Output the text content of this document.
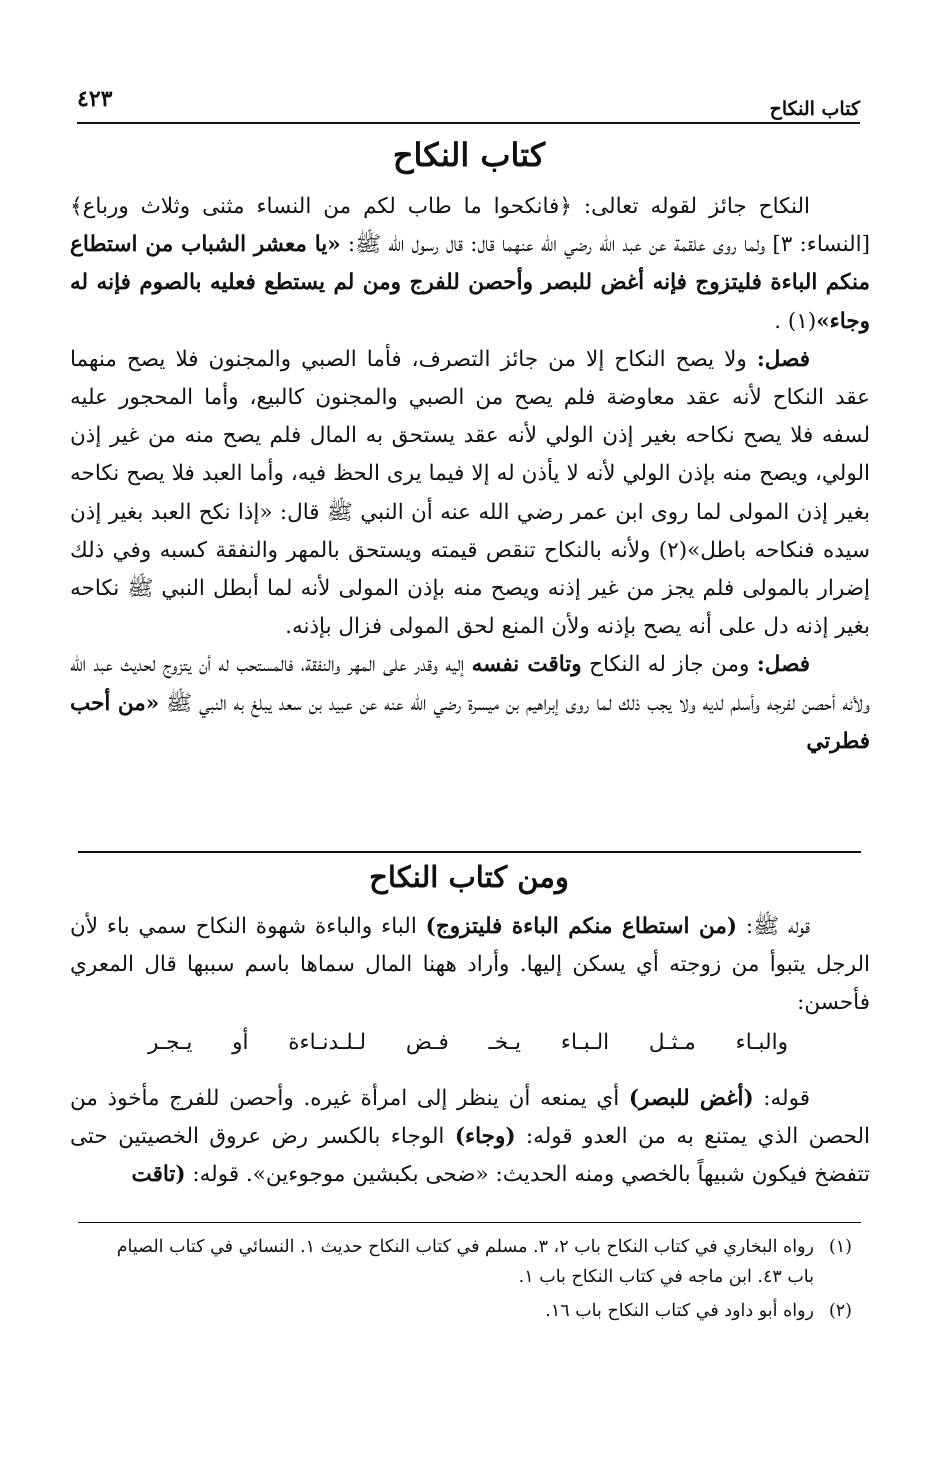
كتاب النكاح
٤٢٣
كتاب النكاح

النكاح جائز لقوله تعالى: ﴿فانكحوا ما طاب لكم من النساء مثنى وثلاث ورباع﴾ [النساء: ٣] ولما روى علقمة عن عبد الله رضي الله عنهما قال: قال رسول الله ﷺ: «يا معشر الشباب من استطاع منكم الباءة فليتزوج فإنه أغض للبصر وأحصن للفرج ومن لم يستطع فعليه بالصوم فإنه له وجاء»(١) .

فصل: ولا يصح النكاح إلا من جائز التصرف، فأما الصبي والمجنون فلا يصح منهما عقد النكاح لأنه عقد معاوضة فلم يصح من الصبي والمجنون كالبيع، وأما المحجور عليه لسفه فلا يصح نكاحه بغير إذن الولي لأنه عقد يستحق به المال فلم يصح منه من غير إذن الولي، ويصح منه بإذن الولي لأنه لا يأذن له إلا فيما يرى الحظ فيه، وأما العبد فلا يصح نكاحه بغير إذن المولى لما روى ابن عمر رضي الله عنه أن النبي ﷺ قال: «إذا نكح العبد بغير إذن سيده فنكاحه باطل»(٢) ولأنه بالنكاح تنقص قيمته ويستحق بالمهر والنفقة كسبه وفي ذلك إضرار بالمولى فلم يجز من غير إذنه ويصح منه بإذن المولى لأنه لما أبطل النبي ﷺ نكاحه بغير إذنه دل على أنه يصح بإذنه ولأن المنع لحق المولى فزال بإذنه.

فصل: ومن جاز له النكاح وتاقت نفسه إليه وقدر على المهر والنفقة، فالمستحب له أن يتزوج لحديث عبد الله ولأنه أحصن لفرجه وأسلم لديه ولا يجب ذلك لما روى إبراهيم بن ميسرة رضي الله عنه عن عبيد بن سعد يبلغ به النبي ﷺ «من أحب فطرتي

ومن كتاب النكاح

قوله ﷺ: (من استطاع منكم الباءة فليتزوج) الباء والباءة شهوة النكاح سمي باء لأن الرجل يتبوأ من زوجته أي يسكن إليها. وأراد ههنا المال سماها باسم سببها قال المعري فأحسن:

والبـاء مـثـل الـبـاء يـخـ فـض لـلـدنـاءة أو يـجـر

قوله: (أغض للبصر) أي يمنعه أن ينظر إلى امرأة غيره. وأحصن للفرج مأخوذ من الحصن الذي يمتنع به من العدو قوله: (وجاء) الوجاء بالكسر رض عروق الخصيتين حتى تتفضخ فيكون شبيهاً بالخصي ومنه الحديث: «ضحى بكبشين موجوءين». قوله: (تاقت

(١)رواه البخاري في كتاب النكاح باب ٢، ٣. مسلم في كتاب النكاح حديث ١. النسائي في كتاب الصيام

باب ٤٣. ابن ماجه في كتاب النكاح باب ١.

(٢)رواه أبو داود في كتاب النكاح باب ١٦.
